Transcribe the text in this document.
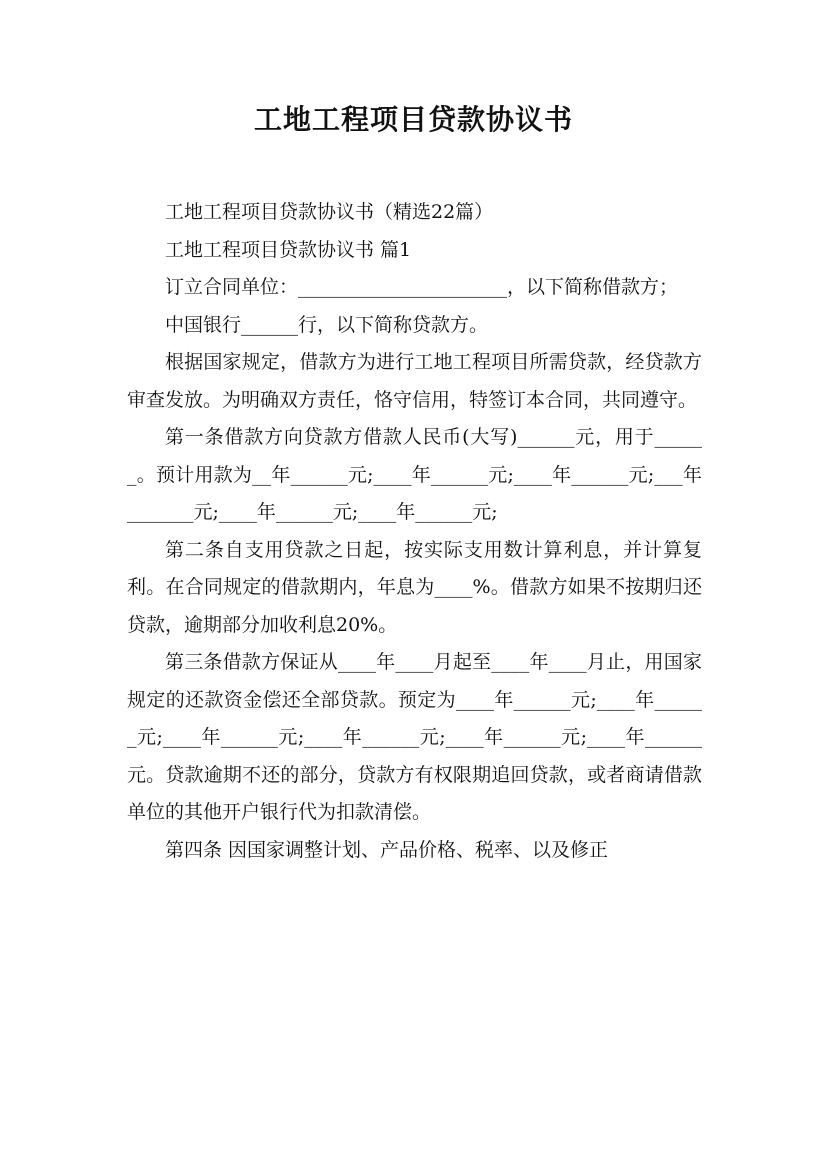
工地工程项目贷款协议书

工地工程项目贷款协议书（精选22篇）

工地工程项目贷款协议书 篇1

订立合同单位：______________________，以下简称借款方；

中国银行______行，以下简称贷款方。

根据国家规定，借款方为进行工地工程项目所需贷款，经贷款方审查发放。为明确双方责任，恪守信用，特签订本合同，共同遵守。

第一条借款方向贷款方借款人民币(大写)______元，用于______。预计用款为__年______元;____年______元;____年______元;___年_______元;____年______元;____年______元;

第二条自支用贷款之日起，按实际支用数计算利息，并计算复利。在合同规定的借款期内，年息为____%。借款方如果不按期归还贷款，逾期部分加收利息20%。

第三条借款方保证从____年____月起至____年____月止，用国家规定的还款资金偿还全部贷款。预定为____年______元;____年______元;____年______元;____年______元;____年______元;____年______元。贷款逾期不还的部分，贷款方有权限期追回贷款，或者商请借款单位的其他开户银行代为扣款清偿。

第四条 因国家调整计划、产品价格、税率、以及修正
